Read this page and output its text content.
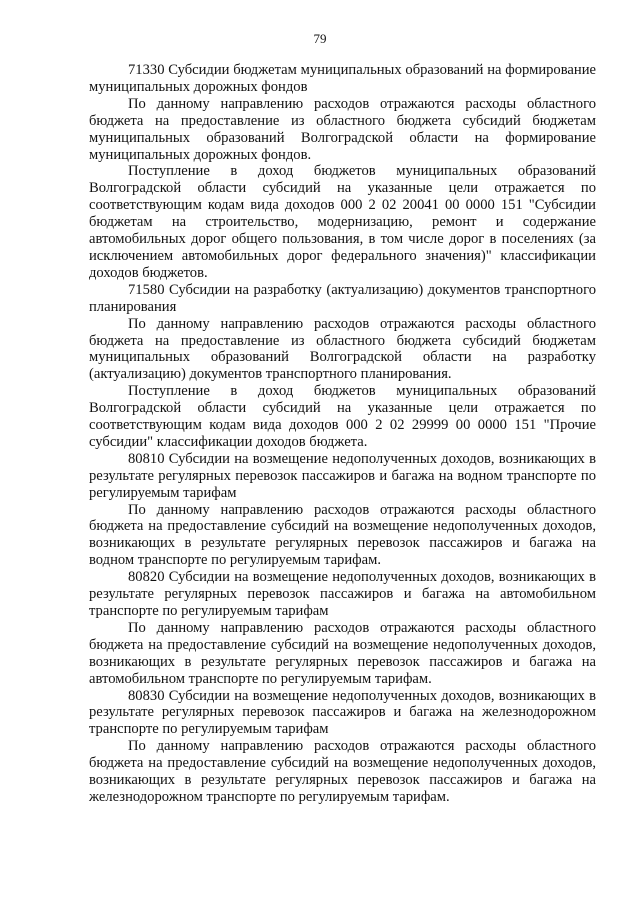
79

71330 Субсидии бюджетам муниципальных образований на формирование муниципальных дорожных фондов

По данному направлению расходов отражаются расходы областного бюджета на предоставление из областного бюджета субсидий бюджетам муниципальных образований Волгоградской области на формирование муниципальных дорожных фондов.

Поступление в доход бюджетов муниципальных образований Волгоградской области субсидий на указанные цели отражается по соответствующим кодам вида доходов 000 2 02 20041 00 0000 151 "Субсидии бюджетам на строительство, модернизацию, ремонт и содержание автомобильных дорог общего пользования, в том числе дорог в поселениях (за исключением автомобильных дорог федерального значения)" классификации доходов бюджетов.

71580 Субсидии на разработку (актуализацию) документов транспортного планирования

По данному направлению расходов отражаются расходы областного бюджета на предоставление из областного бюджета субсидий бюджетам муниципальных образований Волгоградской области на разработку (актуализацию) документов транспортного планирования.

Поступление в доход бюджетов муниципальных образований Волгоградской области субсидий на указанные цели отражается по соответствующим кодам вида доходов 000 2 02 29999 00 0000 151 "Прочие субсидии" классификации доходов бюджета.

80810 Субсидии на возмещение недополученных доходов, возникающих в результате регулярных перевозок пассажиров и багажа на водном транспорте по регулируемым тарифам

По данному направлению расходов отражаются расходы областного бюджета на предоставление субсидий на возмещение недополученных доходов, возникающих в результате регулярных перевозок пассажиров и багажа на водном транспорте по регулируемым тарифам.

80820 Субсидии на возмещение недополученных доходов, возникающих в результате регулярных перевозок пассажиров и багажа на автомобильном транспорте по регулируемым тарифам

По данному направлению расходов отражаются расходы областного бюджета на предоставление субсидий на возмещение недополученных доходов, возникающих в результате регулярных перевозок пассажиров и багажа на автомобильном транспорте по регулируемым тарифам.

80830 Субсидии на возмещение недополученных доходов, возникающих в результате регулярных перевозок пассажиров и багажа на железнодорожном транспорте по регулируемым тарифам

По данному направлению расходов отражаются расходы областного бюджета на предоставление субсидий на возмещение недополученных доходов, возникающих в результате регулярных перевозок пассажиров и багажа на железнодорожном транспорте по регулируемым тарифам.
